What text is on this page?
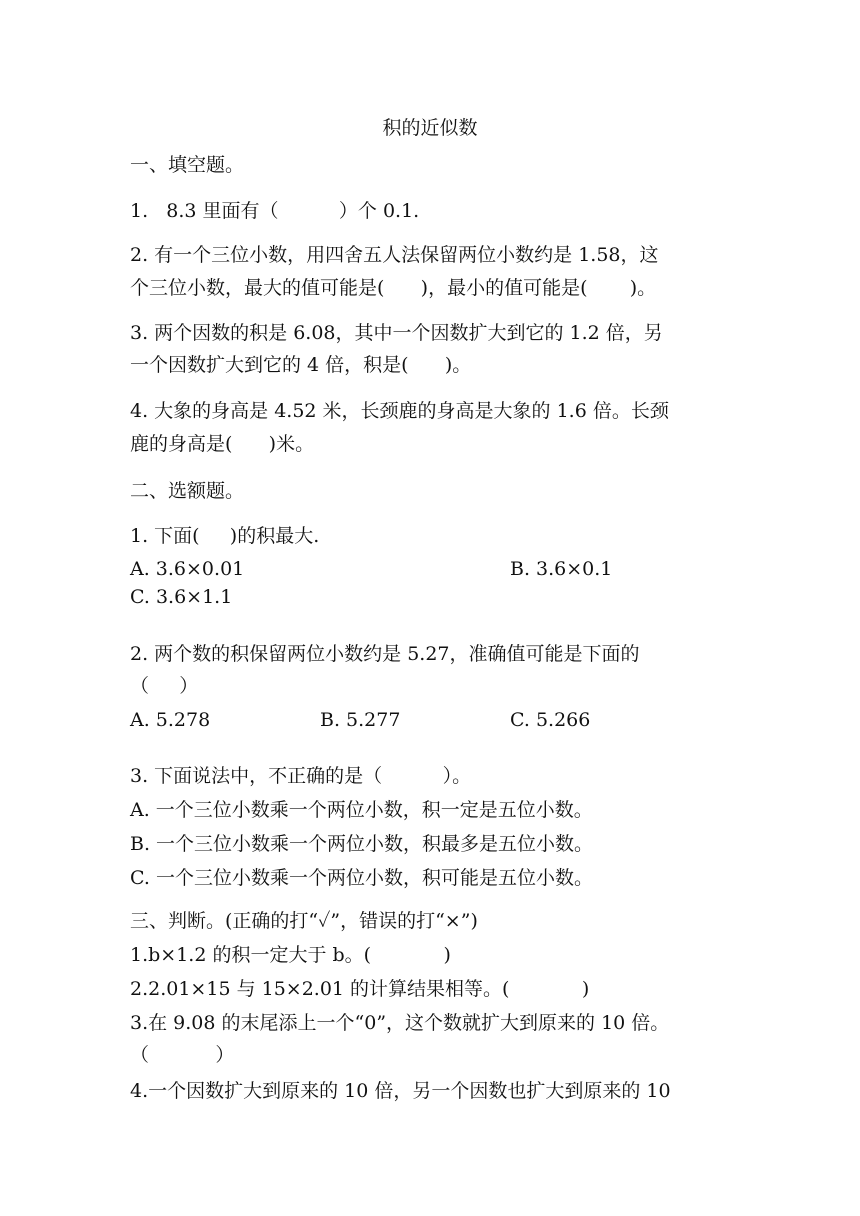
积的近似数
一、填空题。
1.   8.3 里面有（          ）个 0.1.
2. 有一个三位小数，用四舍五人法保留两位小数约是 1.58，这
个三位小数，最大的值可能是(      )，最小的值可能是(       )。
3. 两个因数的积是 6.08，其中一个因数扩大到它的 1.2 倍，另
一个因数扩大到它的 4 倍，积是(      )。
4. 大象的身高是 4.52 米，长颈鹿的身高是大象的 1.6 倍。长颈
鹿的身高是(      )米。
二、选额题。
1. 下面(     )的积最大.
A. 3.6×0.01	B. 3.6×0.1
C. 3.6×1.1
2. 两个数的积保留两位小数约是 5.27，准确值可能是下面的
（     ）
A. 5.278	B. 5.277	C. 5.266
3. 下面说法中，不正确的是（          ）。
A. 一个三位小数乘一个两位小数，积一定是五位小数。
B. 一个三位小数乘一个两位小数，积最多是五位小数。
C. 一个三位小数乘一个两位小数，积可能是五位小数。
三、判断。(正确的打“✓”，错误的打“×”)
1.b×1.2 的积一定大于 b。(            )
2.2.01×15 与 15×2.01 的计算结果相等。(            )
3.在 9.08 的末尾添上一个“0”，这个数就扩大到原来的 10 倍。
（           ）
4.一个因数扩大到原来的 10 倍，另一个因数也扩大到原来的 10
